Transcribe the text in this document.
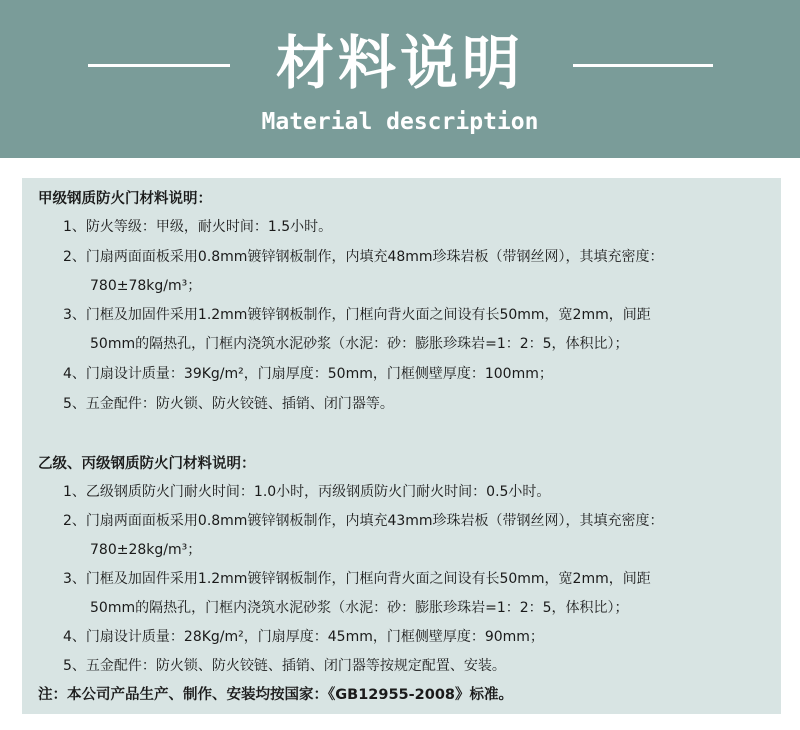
材料说明
Material description
甲级钢质防火门材料说明：
1、防火等级：甲级，耐火时间：1.5小时。
2、门扇两面面板采用0.8mm镀锌钢板制作，内填充48mm珍珠岩板（带钢丝网），其填充密度：
780±78kg/m³；
3、门框及加固件采用1.2mm镀锌钢板制作，门框向背火面之间设有长50mm，宽2mm，间距
50mm的隔热孔，门框内浇筑水泥砂浆（水泥：砂：膨胀珍珠岩=1：2：5，体积比）；
4、门扇设计质量：39Kg/m²，门扇厚度：50mm，门框侧壁厚度：100mm；
5、五金配件：防火锁、防火铰链、插销、闭门器等。
乙级、丙级钢质防火门材料说明：
1、乙级钢质防火门耐火时间：1.0小时，丙级钢质防火门耐火时间：0.5小时。
2、门扇两面面板采用0.8mm镀锌钢板制作，内填充43mm珍珠岩板（带钢丝网），其填充密度：
780±28kg/m³；
3、门框及加固件采用1.2mm镀锌钢板制作，门框向背火面之间设有长50mm，宽2mm，间距
50mm的隔热孔，门框内浇筑水泥砂浆（水泥：砂：膨胀珍珠岩=1：2：5，体积比）；
4、门扇设计质量：28Kg/m²，门扇厚度：45mm，门框侧壁厚度：90mm；
5、五金配件：防火锁、防火铰链、插销、闭门器等按规定配置、安装。
注：本公司产品生产、制作、安装均按国家：《GB12955-2008》标准。
